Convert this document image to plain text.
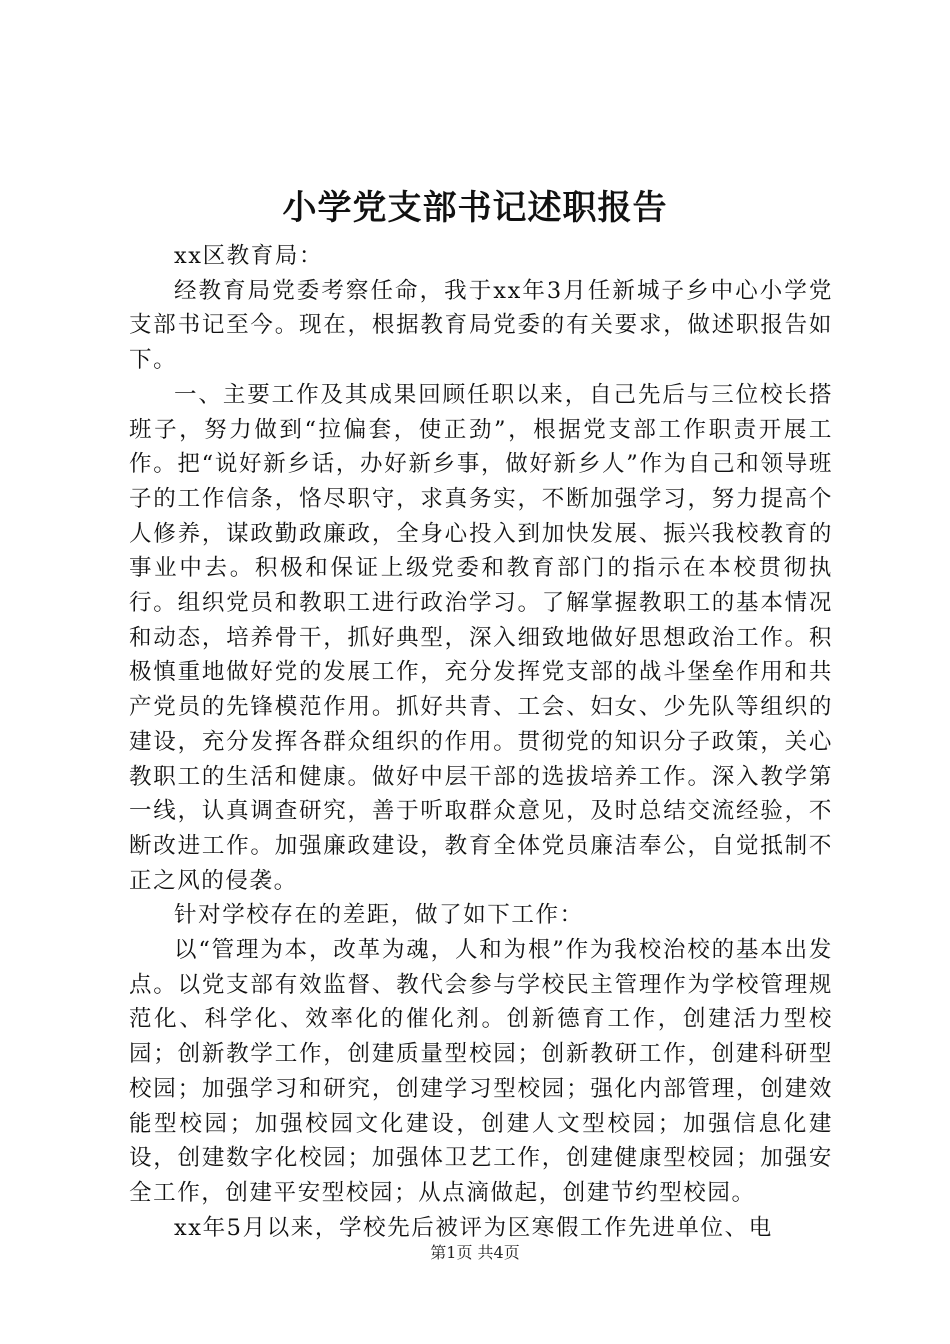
小学党支部书记述职报告

xx区教育局：

经教育局党委考察任命，我于xx年3月任新城子乡中心小学党支部书记至今。现在，根据教育局党委的有关要求，做述职报告如下。

一、主要工作及其成果回顾任职以来，自己先后与三位校长搭班子，努力做到“拉偏套，使正劲”，根据党支部工作职责开展工作。把“说好新乡话，办好新乡事，做好新乡人”作为自己和领导班子的工作信条，恪尽职守，求真务实，不断加强学习，努力提高个人修养，谋政勤政廉政，全身心投入到加快发展、振兴我校教育的事业中去。积极和保证上级党委和教育部门的指示在本校贯彻执行。组织党员和教职工进行政治学习。了解掌握教职工的基本情况和动态，培养骨干，抓好典型，深入细致地做好思想政治工作。积极慎重地做好党的发展工作，充分发挥党支部的战斗堡垒作用和共产党员的先锋模范作用。抓好共青、工会、妇女、少先队等组织的建设，充分发挥各群众组织的作用。贯彻党的知识分子政策，关心教职工的生活和健康。做好中层干部的选拔培养工作。深入教学第一线，认真调查研究，善于听取群众意见，及时总结交流经验，不断改进工作。加强廉政建设，教育全体党员廉洁奉公，自觉抵制不正之风的侵袭。

针对学校存在的差距，做了如下工作：

以“管理为本，改革为魂，人和为根”作为我校治校的基本出发点。以党支部有效监督、教代会参与学校民主管理作为学校管理规范化、科学化、效率化的催化剂。创新德育工作，创建活力型校园；创新教学工作，创建质量型校园；创新教研工作，创建科研型校园；加强学习和研究，创建学习型校园；强化内部管理，创建效能型校园；加强校园文化建设，创建人文型校园；加强信息化建设，创建数字化校园；加强体卫艺工作，创建健康型校园；加强安全工作，创建平安型校园；从点滴做起，创建节约型校园。

xx年5月以来，学校先后被评为区寒假工作先进单位、电

第1页 共4页
